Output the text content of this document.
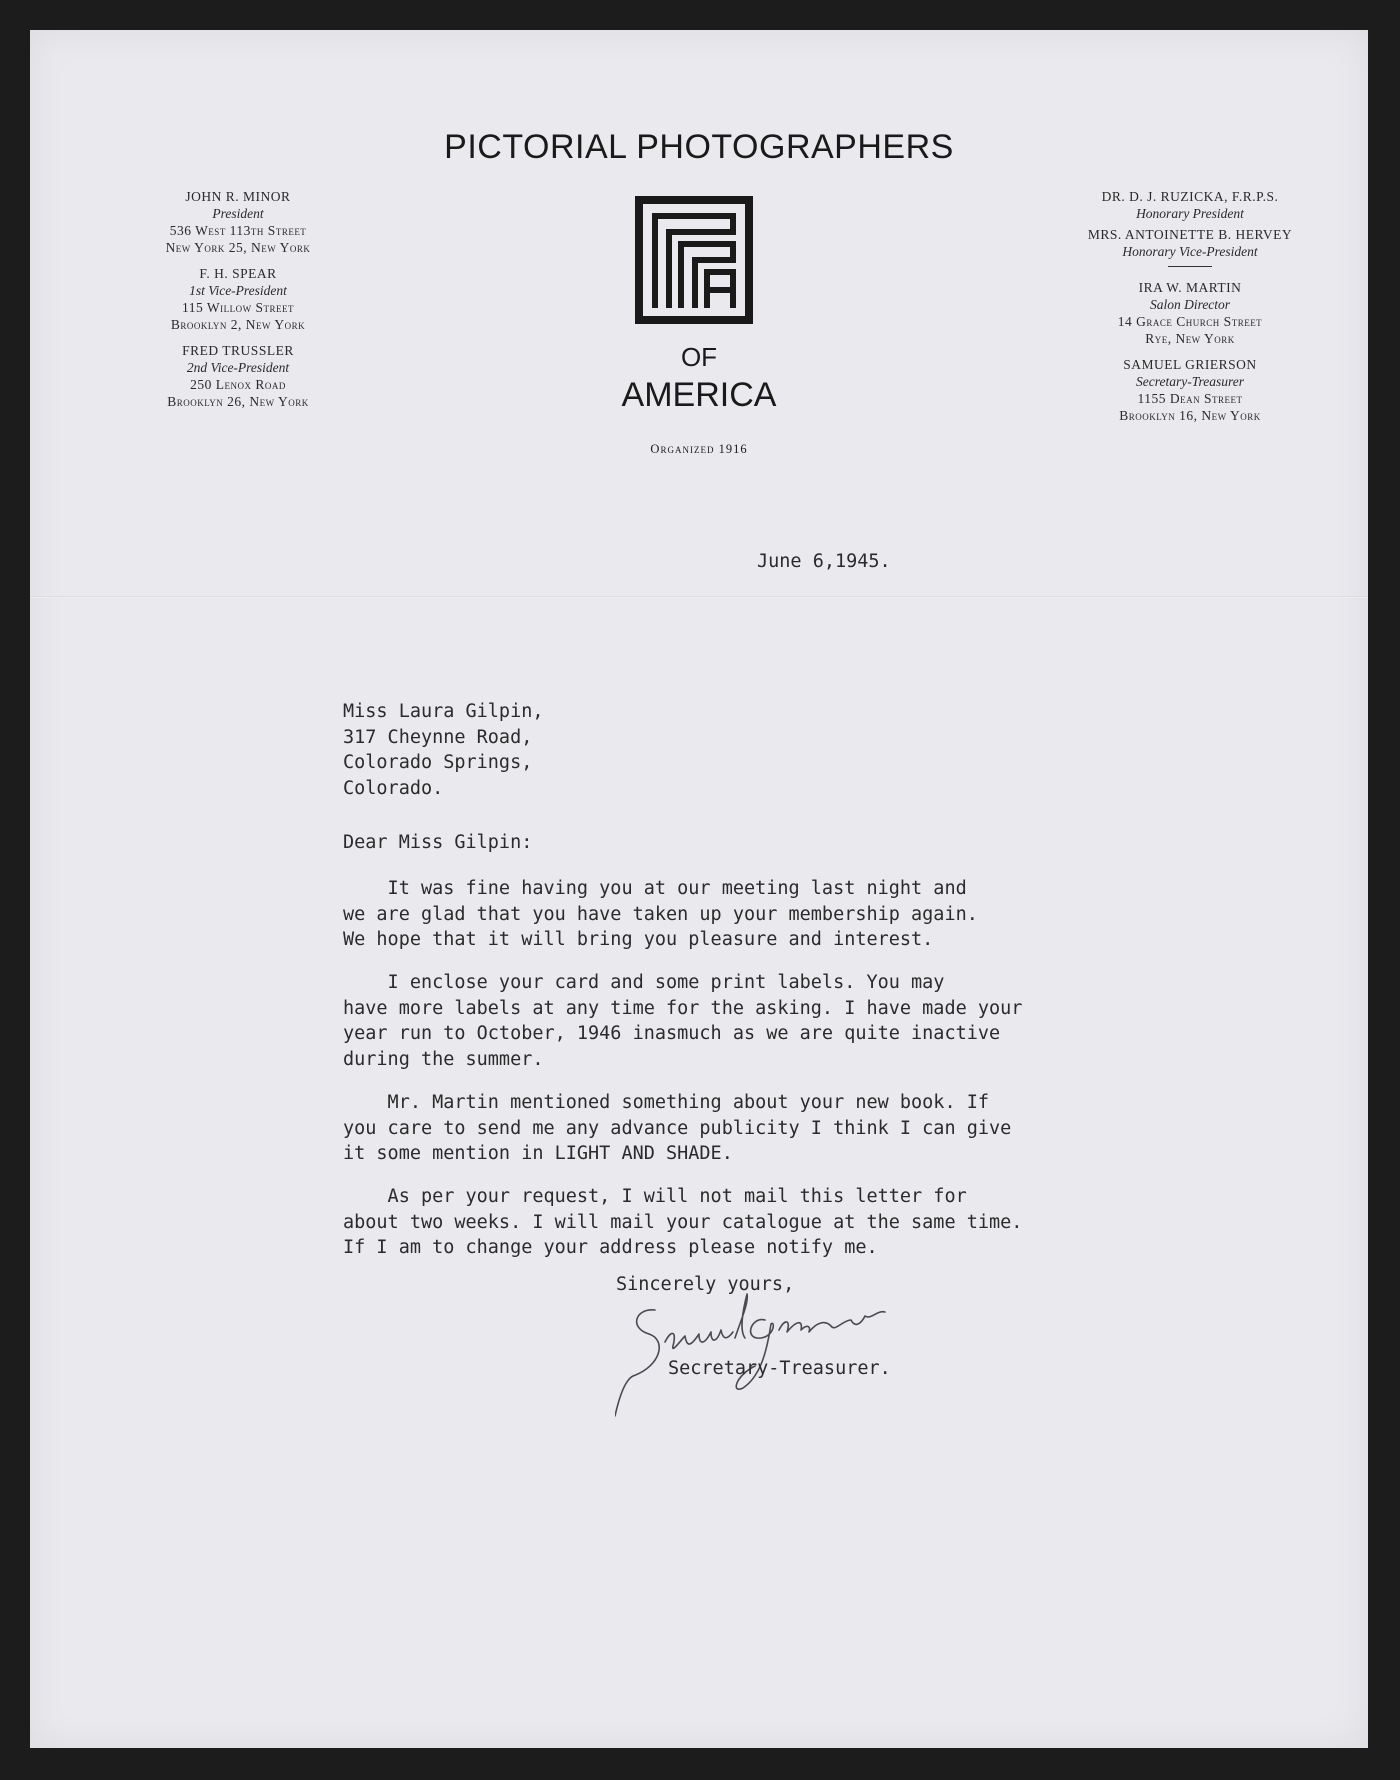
PICTORIAL PHOTOGRAPHERS
JOHN R. MINOR
President
536 West 113th Street
New York 25, New York
F. H. SPEAR
1st Vice-President
115 Willow Street
Brooklyn 2, New York
FRED TRUSSLER
2nd Vice-President
250 Lenox Road
Brooklyn 26, New York
OF
AMERICA
Organized 1916
DR. D. J. RUZICKA, F.R.P.S.
Honorary President
MRS. ANTOINETTE B. HERVEY
Honorary Vice-President
IRA W. MARTIN
Salon Director
14 Grace Church Street
Rye, New York
SAMUEL GRIERSON
Secretary-Treasurer
1155 Dean Street
Brooklyn 16, New York
June 6,1945.
Miss Laura Gilpin,
317 Cheynne Road,
Colorado Springs,
Colorado.
Dear Miss Gilpin:
It was fine having you at our meeting last night and
we are glad that you have taken up your membership again.
We hope that it will bring you pleasure and interest.
I enclose your card and some print labels. You may
have more labels at any time for the asking. I have made your
year run to October, 1946 inasmuch as we are quite inactive
during the summer.
Mr. Martin mentioned something about your new book. If
you care to send me any advance publicity I think I can give
it some mention in LIGHT AND SHADE.
As per your request, I will not mail this letter for
about two weeks. I will mail your catalogue at the same time.
If I am to change your address please notify me.
Sincerely yours,
Secretary-Treasurer.
